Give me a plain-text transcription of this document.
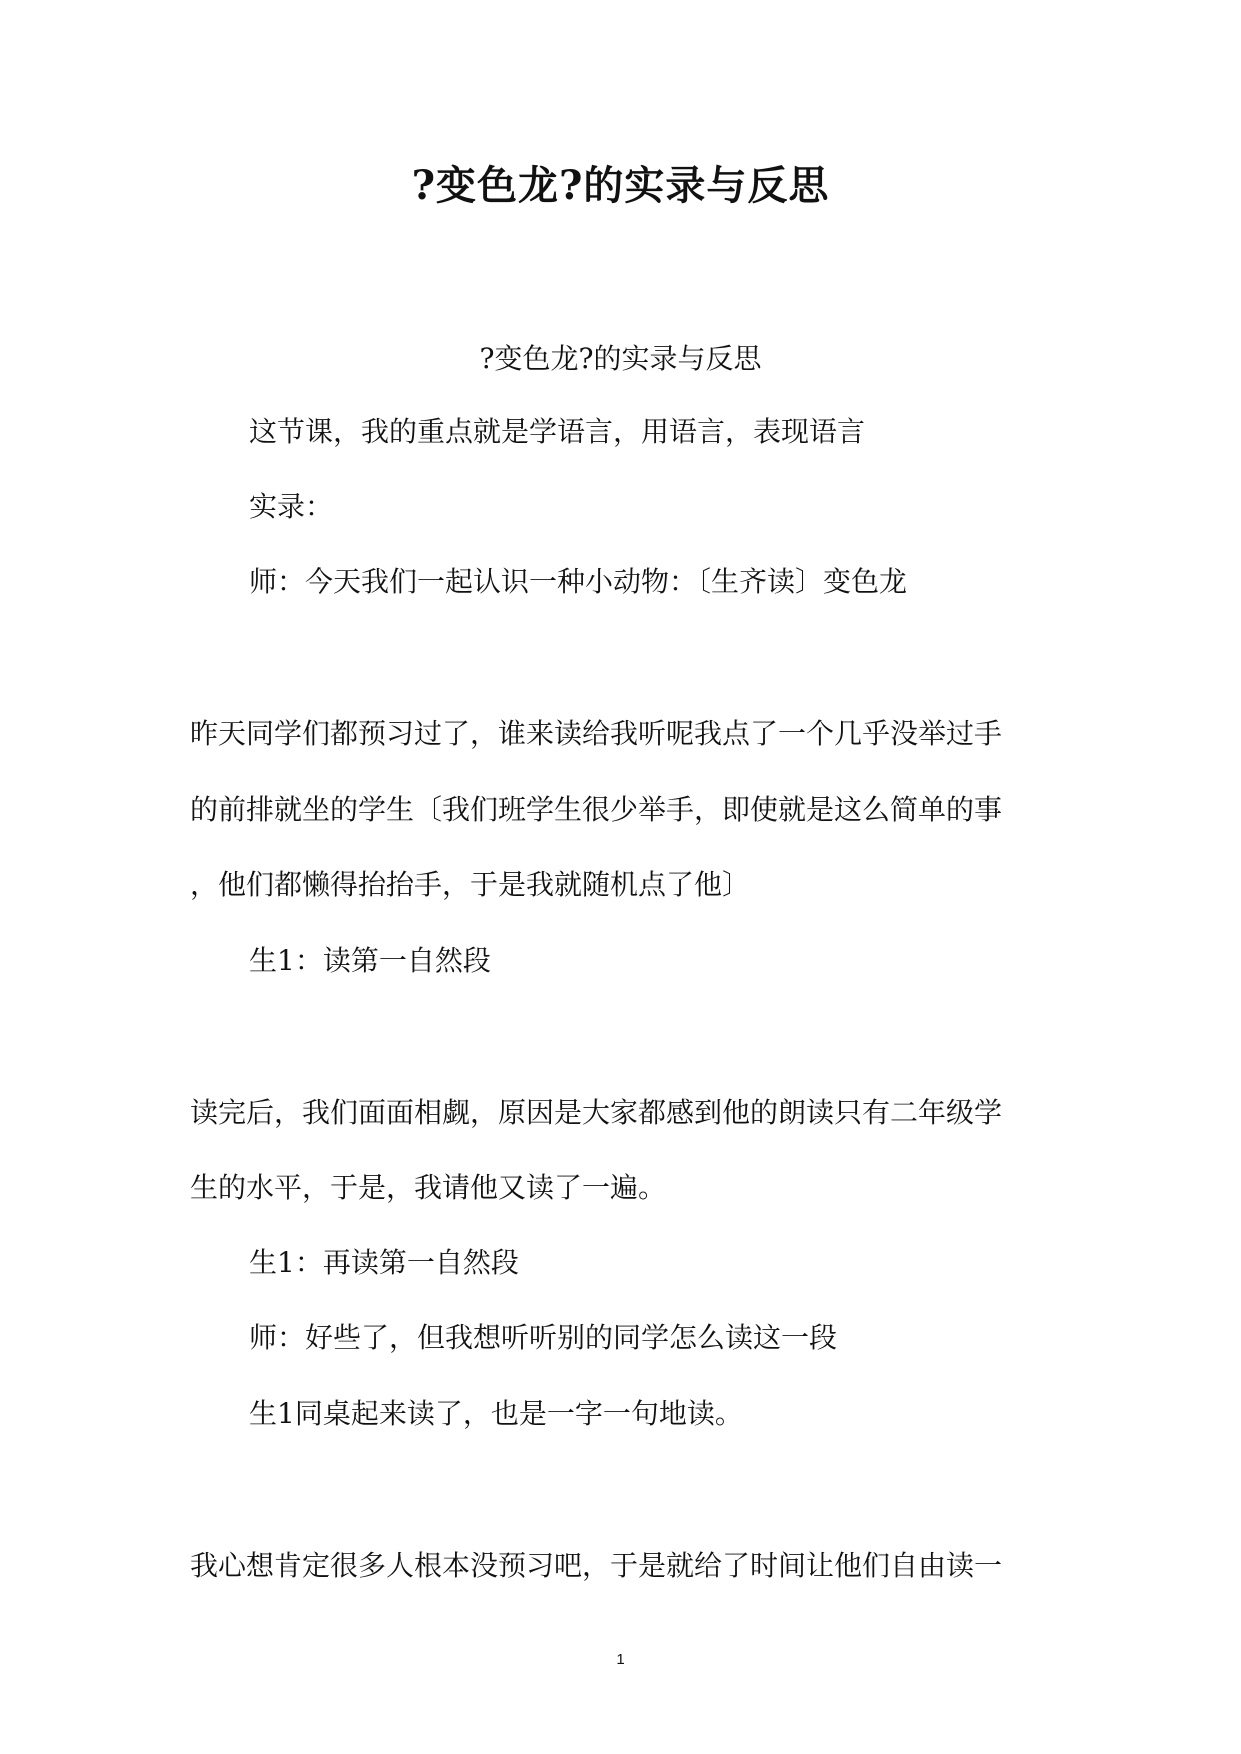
?变色龙?的实录与反思
?变色龙?的实录与反思
这节课，我的重点就是学语言，用语言，表现语言
实录：
师：今天我们一起认识一种小动物：〔生齐读〕变色龙
昨天同学们都预习过了，谁来读给我听呢我点了一个几乎没举过手
的前排就坐的学生〔我们班学生很少举手，即使就是这么简单的事
，他们都懒得抬抬手，于是我就随机点了他〕
生1：读第一自然段
读完后，我们面面相觑，原因是大家都感到他的朗读只有二年级学
生的水平，于是，我请他又读了一遍。
生1：再读第一自然段
师：好些了，但我想听听别的同学怎么读这一段
生1同桌起来读了，也是一字一句地读。
我心想肯定很多人根本没预习吧，于是就给了时间让他们自由读一
1
